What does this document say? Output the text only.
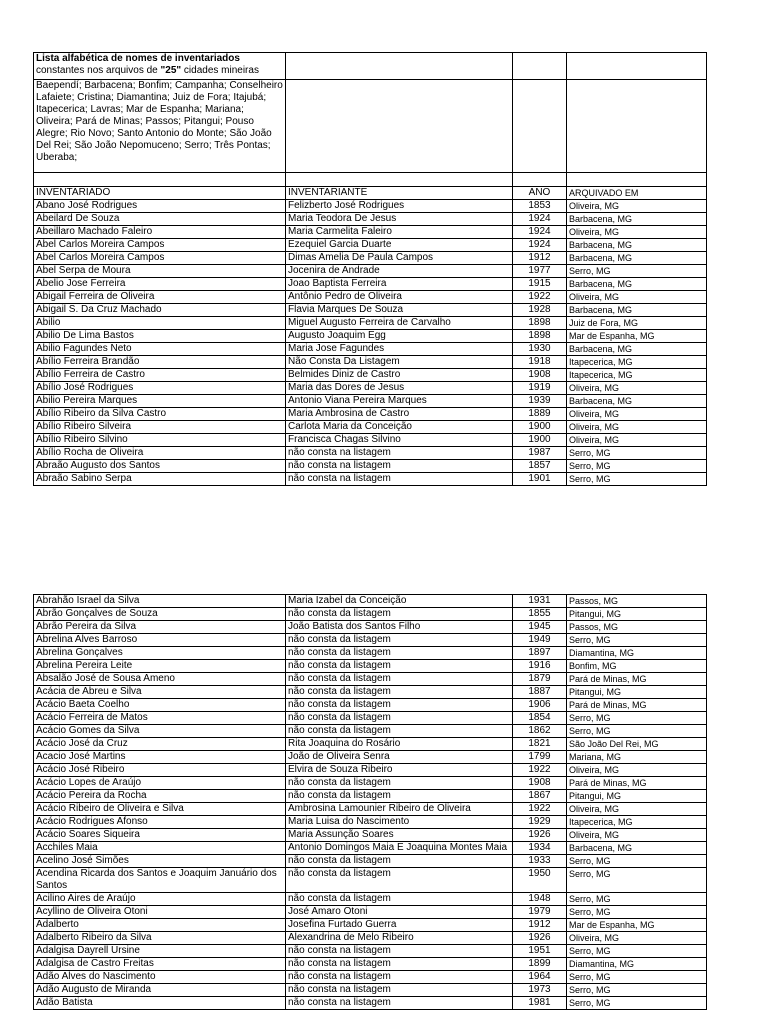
Lista alfabética de nomes de inventariados
constantes nos arquivos de "25" cidades mineiras			

Baependí; Barbacena; Bonfim; Campanha; Conselheiro Lafaiete; Cristina; Diamantina; Juiz de Fora; Itajubá; Itapecerica; Lavras; Mar de Espanha; Mariana; Oliveira; Pará de Minas; Passos; Pitangui; Pouso Alegre; Rio Novo; Santo Antonio do Monte; São João Del Rei; São João Nepomuceno; Serro; Três Pontas; Uberaba;			

INVENTARIADO	INVENTARIANTE	ANO	ARQUIVADO EM
Abano José Rodrigues	Felizberto José Rodrigues	1853	Oliveira, MG
Abeilard De Souza	Maria Teodora De Jesus	1924	Barbacena, MG
Abeillaro Machado Faleiro	Maria Carmelita Faleiro	1924	Oliveira, MG
Abel Carlos Moreira Campos	Ezequiel Garcia Duarte	1924	Barbacena, MG
Abel Carlos Moreira Campos	Dimas Amelia De Paula Campos	1912	Barbacena, MG
Abel Serpa de Moura	Jocenira de Andrade	1977	Serro, MG
Abelio Jose Ferreira	Joao Baptista Ferreira	1915	Barbacena, MG
Abigail Ferreira de Oliveira	Antônio Pedro de Oliveira	1922	Oliveira, MG
Abigail S. Da Cruz Machado	Flavia Marques De Souza	1928	Barbacena, MG
Abilio	Miguel Augusto Ferreira de Carvalho	1898	Juiz de Fora, MG
Abilio De Lima Bastos	Augusto Joaquim Egg	1898	Mar de Espanha, MG
Abilio Fagundes Neto	Maria Jose Fagundes	1930	Barbacena, MG
Abílio Ferreira Brandão	Não Consta Da Listagem	1918	Itapecerica, MG
Abílio Ferreira de Castro	Belmides Diniz de Castro	1908	Itapecerica, MG
Abílio José Rodrigues	Maria das Dores de Jesus	1919	Oliveira, MG
Abilio Pereira Marques	Antonio Viana Pereira Marques	1939	Barbacena, MG
Abílio Ribeiro da Silva Castro	Maria Ambrosina de Castro	1889	Oliveira, MG
Abílio Ribeiro Silveira	Carlota Maria da Conceição	1900	Oliveira, MG
Abílio Ribeiro Silvino	Francisca Chagas Silvino	1900	Oliveira, MG
Abílio Rocha de Oliveira	não consta na listagem	1987	Serro, MG
Abraão Augusto dos Santos	não consta na listagem	1857	Serro, MG
Abraão Sabino Serpa	não consta na listagem	1901	Serro, MG
Abrahão Israel da Silva	Maria Izabel da Conceição	1931	Passos, MG
Abrão Gonçalves de Souza	não consta da listagem	1855	Pitangui, MG
Abrão Pereira da Silva	João Batista dos Santos Filho	1945	Passos, MG
Abrelina Alves Barroso	não consta da listagem	1949	Serro, MG
Abrelina Gonçalves	não consta da listagem	1897	Diamantina, MG
Abrelina Pereira Leite	não consta da listagem	1916	Bonfim, MG
Absalão José de Sousa Ameno	não consta da listagem	1879	Pará de Minas, MG
Acácia de Abreu e Silva	não consta da listagem	1887	Pitangui, MG
Acácio Baeta Coelho	não consta da listagem	1906	Pará de Minas, MG
Acácio Ferreira de Matos	não consta da listagem	1854	Serro, MG
Acácio Gomes da Silva	não consta da listagem	1862	Serro, MG
Acácio José da Cruz	Rita Joaquina do Rosário	1821	São João Del Rei, MG
Acacio José Martins	João de Oliveira Senra	1799	Mariana, MG
Acácio José Ribeiro	Elvira de Souza Ribeiro	1922	Oliveira, MG
Acácio Lopes de Araújo	não consta da listagem	1908	Pará de Minas, MG
Acácio Pereira da Rocha	não consta da listagem	1867	Pitangui, MG
Acácio Ribeiro de Oliveira e Silva	Ambrosina Lamounier Ribeiro de Oliveira	1922	Oliveira, MG
Acácio Rodrigues Afonso	Maria Luisa do Nascimento	1929	Itapecerica, MG
Acácio Soares Siqueira	Maria Assunção Soares	1926	Oliveira, MG
Acchiles Maia	Antonio Domingos Maia E Joaquina Montes Maia	1934	Barbacena, MG
Acelino José Simões	não consta da listagem	1933	Serro, MG
Acendina Ricarda dos Santos e Joaquim Januário dos Santos	não consta da listagem	1950	Serro, MG
Acilino Aires de Araújo	não consta da listagem	1948	Serro, MG
Acyllino de Oliveira Otoni	José Amaro Otoni	1979	Serro, MG
Adalberto	Josefina Furtado Guerra	1912	Mar de Espanha, MG
Adalberto Ribeiro da Silva	Alexandrina de Melo Ribeiro	1926	Oliveira, MG
Adalgisa Dayrell Ursine	não consta na listagem	1951	Serro, MG
Adalgisa de Castro Freitas	não consta na listagem	1899	Diamantina, MG
Adão Alves do Nascimento	não consta na listagem	1964	Serro, MG
Adão Augusto de Miranda	não consta na listagem	1973	Serro, MG
Adão Batista	não consta na listagem	1981	Serro, MG
